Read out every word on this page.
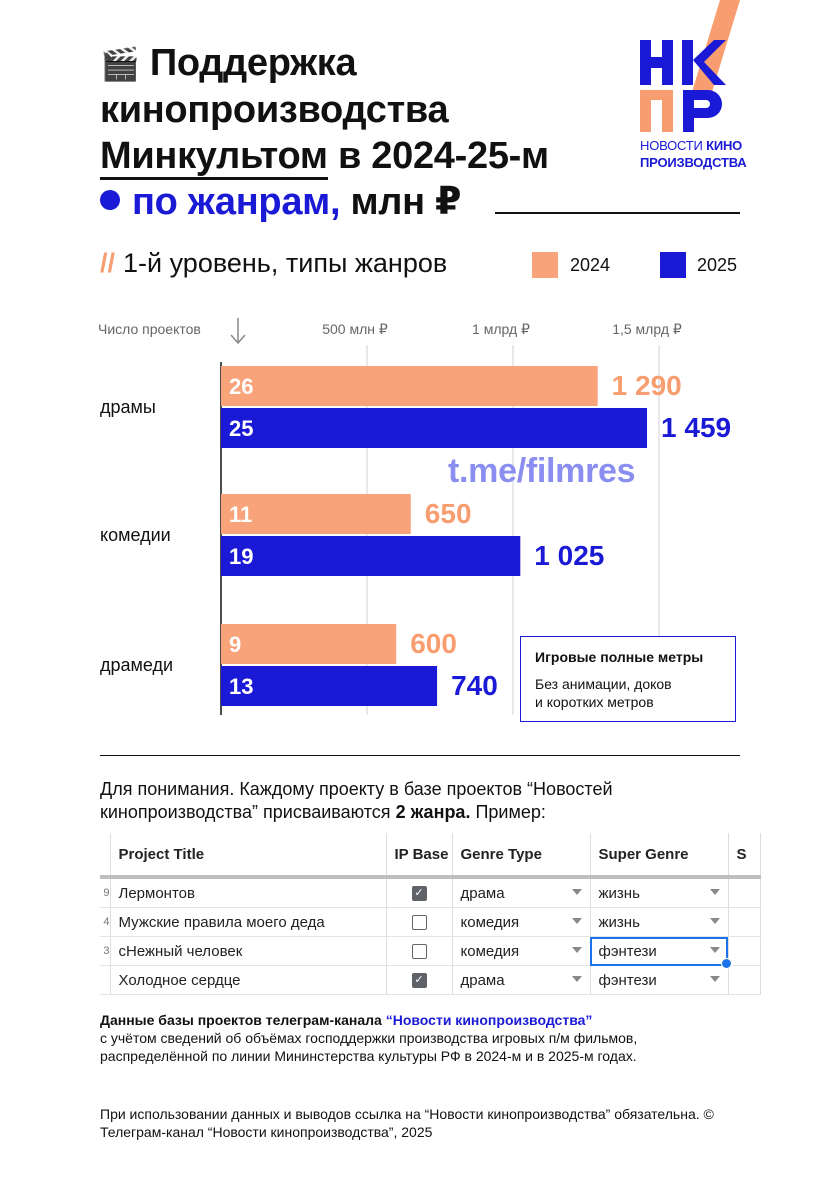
🎬 Поддержка
кинопроизводства
Минкультом в 2024-25-м
по жанрам, млн ₽
НОВОСТИ КИНО
ПРОИЗВОДСТВА
// 1-й уровень, типы жанров	2024	2025
500 млн ₽	1 млрд ₽	1,5 млрд ₽
Число проектов
драмы
26	1 290
25	1 459
комедии
11	650
19	1 025
драмеди
9	600
13	740
t.me/filmres
Игровые полные метры
Без анимации, доков
и коротких метров
Для понимания. Каждому проекту в базе проектов “Новостей кинопроизводства” присваиваются 2 жанра. Пример:
	Project Title	IP Base	Genre Type	Super Genre	S
9	Лермонтов	✓	драма	жизнь

4	Мужские правила моего деда		комедия	жизнь

3	сНежный человек		комедия	фэнтези

	Холодное сердце	✓	драма	фэнтези

Данные базы проектов телеграм-канала “Новости кинопроизводства”
с учётом сведений об объёмах господдержки производства игровых п/м фильмов, распределённой по линии Мининстерства культуры РФ в 2024-м и в 2025-м годах.
При использовании данных и выводов ссылка на “Новости кинопроизводства” обязательна. © Телеграм-канал “Новости кинопроизводства”, 2025
